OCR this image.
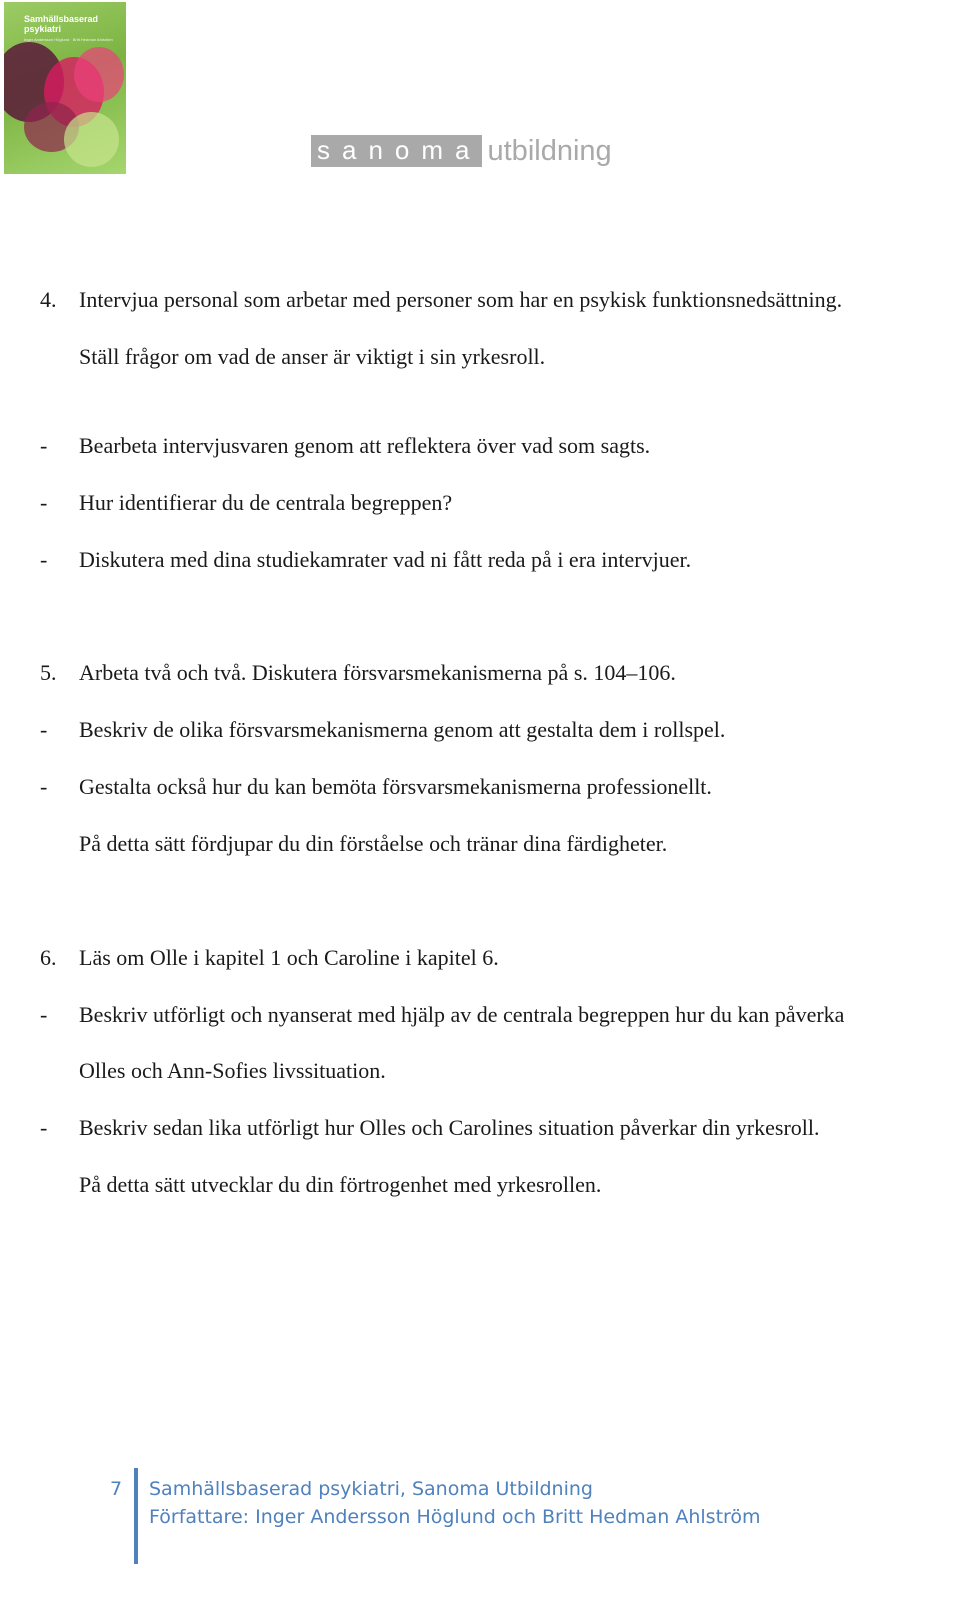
Samhällsbaserad psykiatri
Inger Andersson Höglund · Britt Hedman Ahlström
sanoma utbildning
4. Intervjua personal som arbetar med personer som har en psykisk funktionsnedsättning.
Ställ frågor om vad de anser är viktigt i sin yrkesroll.
- Bearbeta intervjusvaren genom att reflektera över vad som sagts.
- Hur identifierar du de centrala begreppen?
- Diskutera med dina studiekamrater vad ni fått reda på i era intervjuer.
5. Arbeta två och två. Diskutera försvarsmekanismerna på s. 104–106.
- Beskriv de olika försvarsmekanismerna genom att gestalta dem i rollspel.
- Gestalta också hur du kan bemöta försvarsmekanismerna professionellt.
På detta sätt fördjupar du din förståelse och tränar dina färdigheter.
6. Läs om Olle i kapitel 1 och Caroline i kapitel 6.
- Beskriv utförligt och nyanserat med hjälp av de centrala begreppen hur du kan påverka
Olles och Ann-Sofies livssituation.
- Beskriv sedan lika utförligt hur Olles och Carolines situation påverkar din yrkesroll.
På detta sätt utvecklar du din förtrogenhet med yrkesrollen.
7 Samhällsbaserad psykiatri, Sanoma Utbildning
Författare: Inger Andersson Höglund och Britt Hedman Ahlström
